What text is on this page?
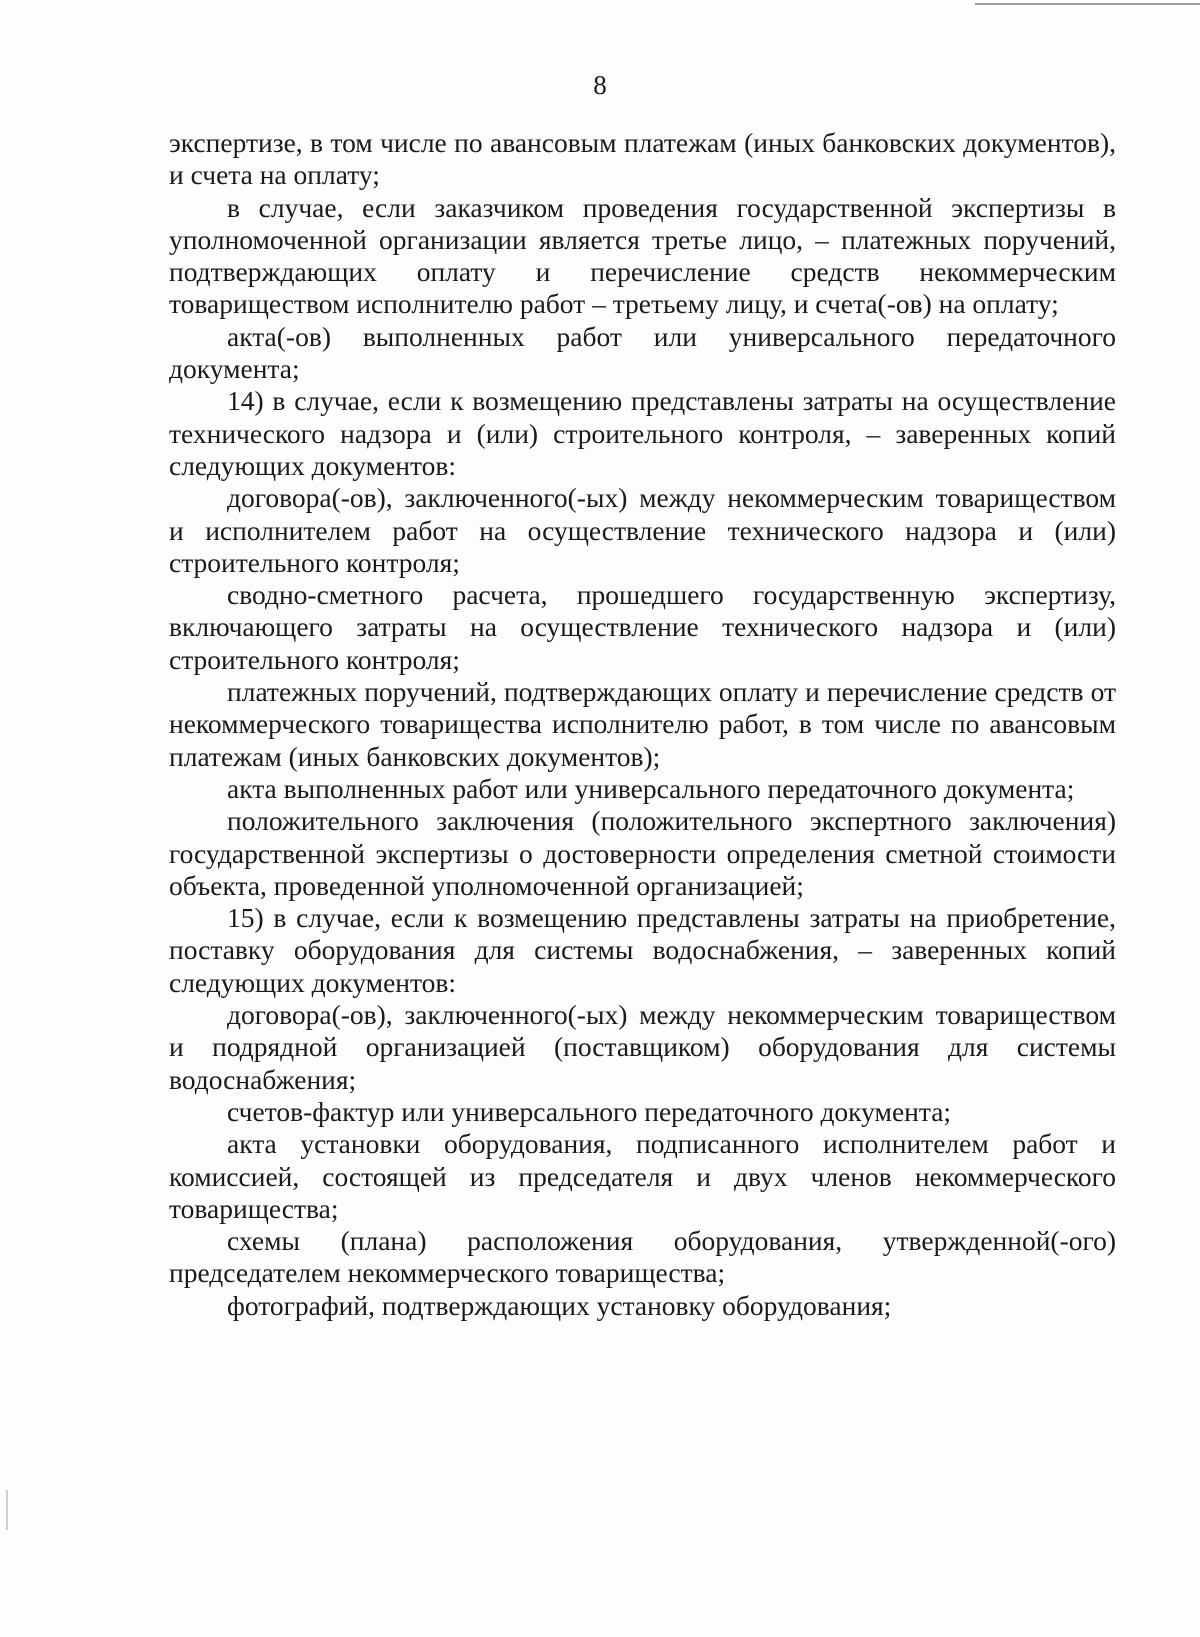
8

экспертизе, в том числе по авансовым платежам (иных банковских документов), и счета на оплату;

в случае, если заказчиком проведения государственной экспертизы в уполномоченной организации является третье лицо, – платежных поручений, подтверждающих оплату и перечисление средств некоммерческим товариществом исполнителю работ – третьему лицу, и счета(-ов) на оплату;

акта(-ов) выполненных работ или универсального передаточного документа;

14) в случае, если к возмещению представлены затраты на осуществление технического надзора и (или) строительного контроля, – заверенных копий следующих документов:

договора(-ов), заключенного(-ых) между некоммерческим товариществом и исполнителем работ на осуществление технического надзора и (или) строительного контроля;

сводно-сметного расчета, прошедшего государственную экспертизу, включающего затраты на осуществление технического надзора и (или) строительного контроля;

платежных поручений, подтверждающих оплату и перечисление средств от некоммерческого товарищества исполнителю работ, в том числе по авансовым платежам (иных банковских документов);

акта выполненных работ или универсального передаточного документа;

положительного заключения (положительного экспертного заключения) государственной экспертизы о достоверности определения сметной стоимости объекта, проведенной уполномоченной организацией;

15) в случае, если к возмещению представлены затраты на приобретение, поставку оборудования для системы водоснабжения, – заверенных копий следующих документов:

договора(-ов), заключенного(-ых) между некоммерческим товариществом и подрядной организацией (поставщиком) оборудования для системы водоснабжения;

счетов-фактур или универсального передаточного документа;

акта установки оборудования, подписанного исполнителем работ и комиссией, состоящей из председателя и двух членов некоммерческого товарищества;

схемы (плана) расположения оборудования, утвержденной(-ого) председателем некоммерческого товарищества;

фотографий, подтверждающих установку оборудования;
